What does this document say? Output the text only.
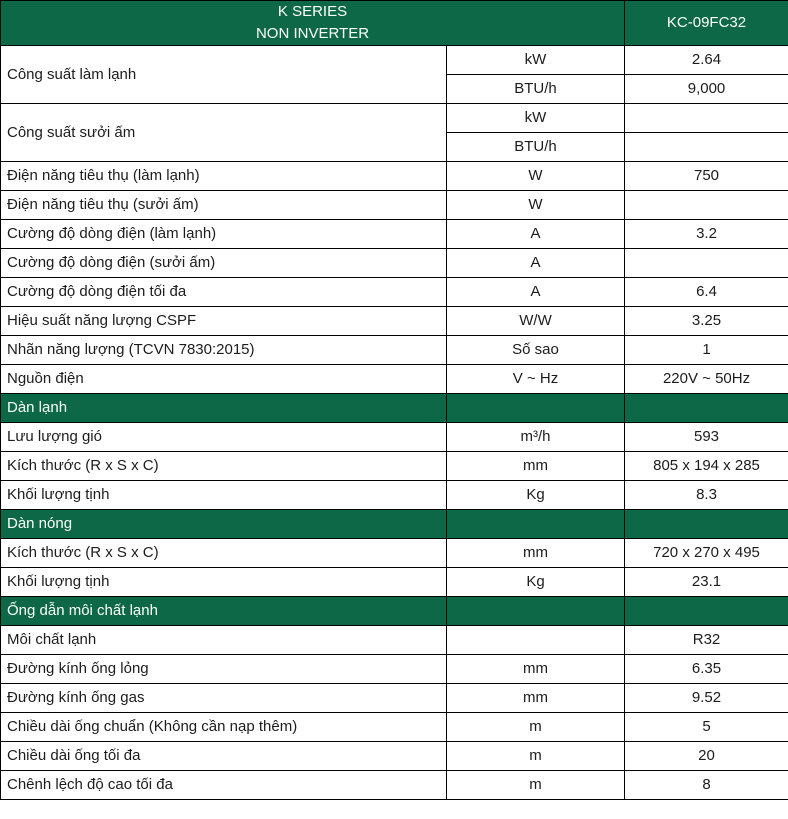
K SERIES
NON INVERTER		KC-09FC32
Công suất làm lạnh	kW	2.64
	BTU/h	9,000
Công suất sưởi ấm	kW	
	BTU/h	
Điện năng tiêu thụ (làm lạnh)	W	750
Điện năng tiêu thụ (sưởi ấm)	W	
Cường độ dòng điện (làm lạnh)	A	3.2
Cường độ dòng điện (sưởi ấm)	A	
Cường độ dòng điện tối đa	A	6.4
Hiệu suất năng lượng CSPF	W/W	3.25
Nhãn năng lượng (TCVN 7830:2015)	Số sao	1
Nguồn điện	V ~ Hz	220V ~ 50Hz
Dàn lạnh		
Lưu lượng gió	m³/h	593
Kích thước (R x S x C)	mm	805 x 194 x 285
Khối lượng tịnh	Kg	8.3
Dàn nóng		
Kích thước (R x S x C)	mm	720 x 270 x 495
Khối lượng tịnh	Kg	23.1
Ống dẫn môi chất lạnh		
Môi chất lạnh		R32
Đường kính ống lỏng	mm	6.35
Đường kính ống gas	mm	9.52
Chiều dài ống chuẩn (Không cần nạp thêm)	m	5
Chiều dài ống tối đa	m	20
Chênh lệch độ cao tối đa	m	8
